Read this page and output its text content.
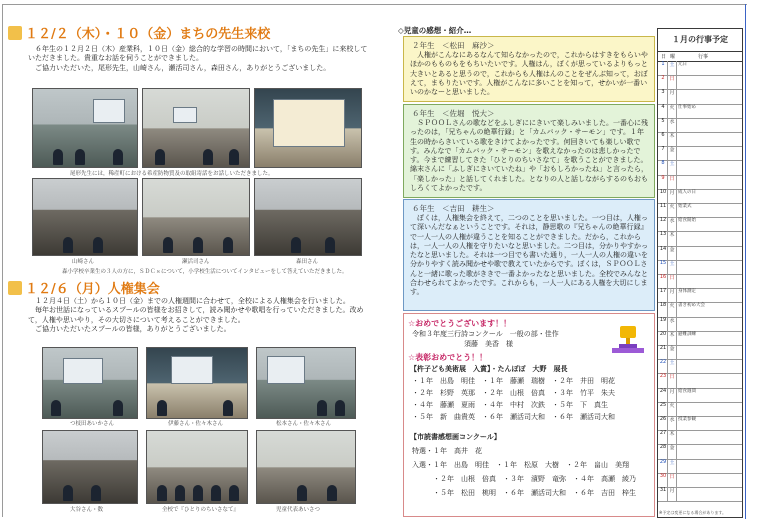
１２/２（木）・１０（金）まちの先生来校

　６年生の１２月２日（木）産業科，１０日（金）総合的な学習の時間において，「まちの先生」に来校していただきました。貴重なお話を伺うことができました。

　ご協力いただいた，尾形先生，山崎さん，瀬活司さん，森田さん，ありがとうございました。

尾形先生には，稀産町における希産防物質及の取組寄話をお話しいただきました。
山崎さん	瀬活司さん	森田さん
森小学校卒業生の３人の方に，ＳＤＣｓについて，小学校生活についてインタビューをして答えていただきました。
１２/６（月）人権集会

　１２月４日（土）から１０日（金）までの人権週間に合わせて，全校による人権集会を行いました。

　毎年お世話になっているスプールの皆様をお招きして，読み聞かせや歌唱を行っていただきました。改めて，人権や思いやり，その大切さについて考えることができました。

　ご協力いただいたスプールの皆様，ありがとうございました。

つ枝田あいかさん	伊藤さん・佐々木さん	松本さん・佐々木さん
大谷さん・数	全校で『ひとりのちいさなて』	児童代表あいさつ
◇児童の感想・紹介…
２年生　＜松田　麻沙＞

　人権がこんなにあるなんて知らなかったので，これからはすきをもらいやほかのもものもをもちいたいです。人権はん，ぼくが思っているよりもっと大きいとあると思うので，これからも人権はんのことをぜんぶ知って，おぼえて，まもりたいです。人権がこんなに多いことを知って，せかいが一番いいのかなーと思いました。

６年生　＜佐堀　悦大＞

　ＳＰＯＯＬさんの歌などをふしぎににきいて楽しみいました。一番心に残ったのは，「兄ちゃんの絶華行録」と「カムバック・サーモン」です。１年生の時からきいている歌をきけてよかったです。何回きいても楽しい歌です。みんなで「カムバック・サーモン」を歌えなかったのは悲しかったです。今まで練習してきた「ひとりのちいさなて」を歌うことができました。綿末さんに「ふしぎにきいていたね」や「おもしろかったね」と言ったら，「楽しかった」と話してくれました。となりの人と話しながらするのもおもしろくてよかったです。

６年生　＜吉田　耕生＞

　ぼくは，人権集会を終えて，二つのことを思いました。一つ目は，人権って深いんだなぁということです。それは，静思歌の『兄ちゃんの絶華行録』で一人一人の人権が違うことを知ることができました。だから，これからは，一人一人の人権を守りたいなと思いました。二つ目は，分かりやすかったなと思いました。それは一つ目でも書いた通り，一人一人の人権の違いを分かりやすく読み聞かせや歌で教えていたからです。ぼくは，ＳＰＯＯＬさんと一緒に歌った歌がききで一番よかったなと思いました。全校でみんなと合わせられてよかったです。これからも，一人一人にある人権を大切にします。

☆おめでとうございます！！
令和３年度三行詩コンクール　一般の部・佳作
須藤　美香　様
☆表彰おめでとう！！
【杵子ども美術展　入賞】・たんぽぽ　大野　展長
・１年　出島　明佳　・１年　藤瀬　瑞樹　・２年　井田　明花
・２年　杉野　英那　・２年　山根　倍真　・３年　竹平　朱夫
・４年　藤瀬　夏雨　・４年　中村　次鉄　・５年　下　真生
・５年　新　曲貴英　・６年　瀬活司大和　・６年　瀬活司大和
【市読書感想画コンクール】
特選・１年　高井　花
入選・１年　出島　明佳　・１年　松原　大樹　・２年　畠山　美翔
　　　・２年　山根　倍真　・３年　濱野　竜弥　・４年　高瀬　綾乃
　　　・５年　松田　桃明　・６年　瀬活司大和　・６年　吉田　梓生
１月の行事予定
日 曜	行事
1 土 元日
2 日
3 月
4 火 仕事始め
5 水
6 木
7 金
8 土
9 日
10 月 成人の日
11 火 始業式
12 水 給食開始
13 木
14 金
15 土
16 日
17 月 身体測定
18 火 書き初め大会
19 水
20 木 避難訓練
21 金
22 土
23 日
24 月 給食週間
25 火
26 水 授業参観
27 木
28 金
29 土
30 日
31 月
※予定は変更になる場合があります。
